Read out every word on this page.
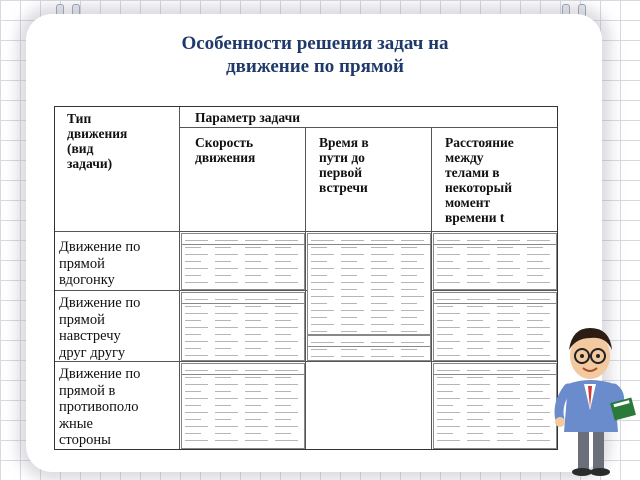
Особенности решения задач на
движение по прямой
Тип
движения
(вид
задачи)
Параметр задачи
Скорость
движения
Время в
пути до
первой
встречи
Расстояние
между
телами в
некоторый
момент
времени t
Движение по
прямой
вдогонку
Движение по
прямой
навстречу
друг другу
Движение по
прямой в
противополо
жные
стороны
